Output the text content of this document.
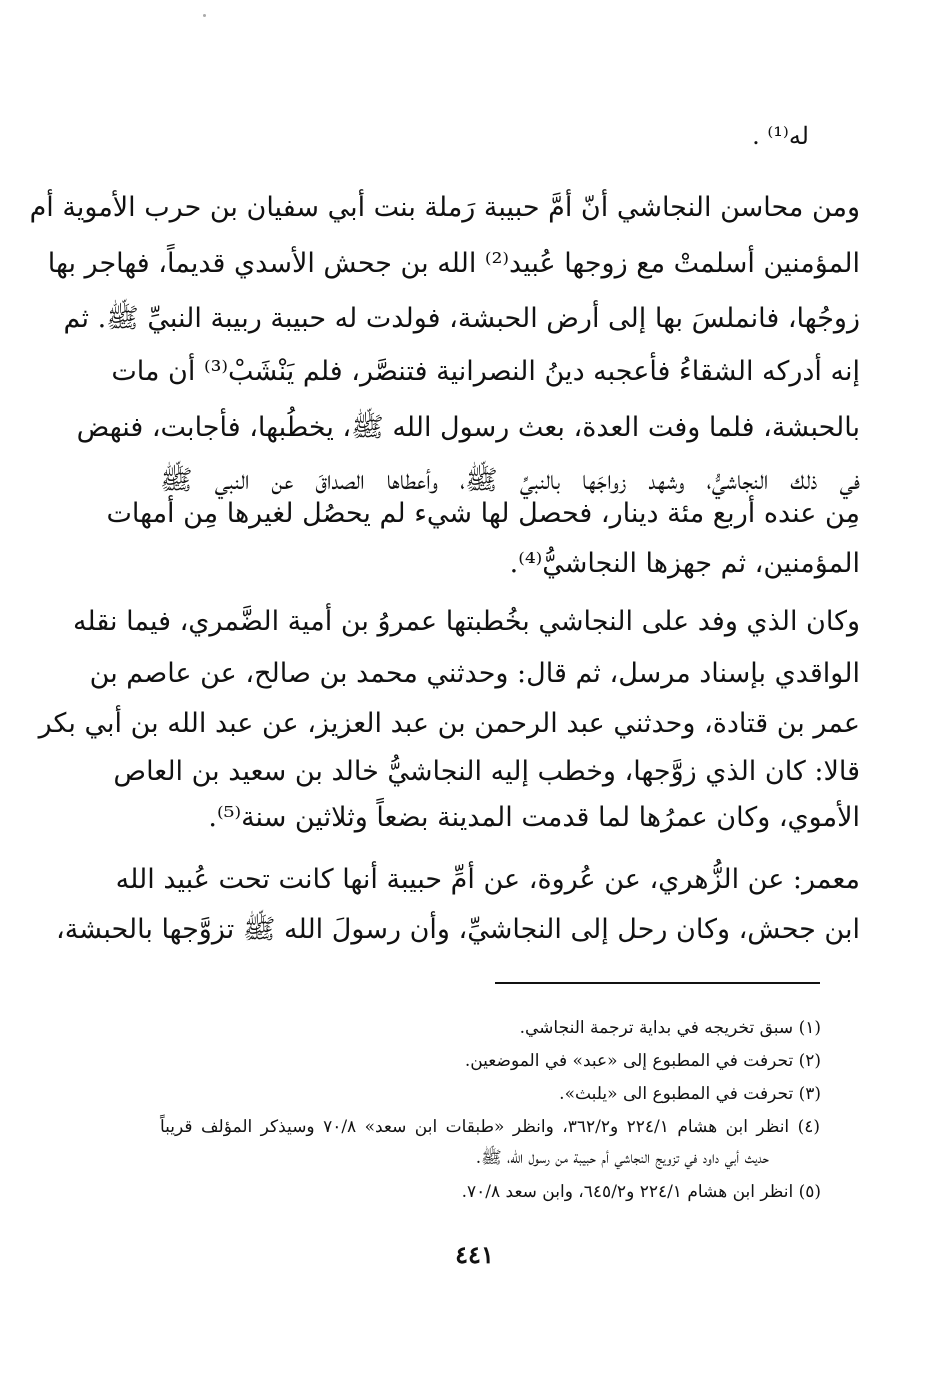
له⁽¹⁾ .
ومن محاسن النجاشي أنّ أمَّ حبيبة رَملة بنت أبي سفيان بن حرب الأموية أم
المؤمنين أسلمتْ مع زوجها عُبيد⁽²⁾ الله بن جحش الأسدي قديماً، فهاجر بها
زوجُها، فانملسَ بها إلى أرض الحبشة، فولدت له حبيبة ربيبة النبيِّ ﷺ. ثم
إنه أدركه الشقاءُ فأعجبه دينُ النصرانية فتنصَّر، فلم يَنْشَبْ⁽³⁾ أن مات
بالحبشة، فلما وفت العدة، بعث رسول الله ﷺ، يخطُبها، فأجابت، فنهض
في ذلك النجاشيُّ، وشهد زواجَها بالنبيِّ ﷺ، وأعطاها الصداقَ عن النبي ﷺ
مِن عنده أربع مئة دينار، فحصل لها شيء لم يحصُل لغيرها مِن أمهات
المؤمنين، ثم جهزها النجاشيُّ⁽⁴⁾.
وكان الذي وفد على النجاشي بخُطبتها عمروُ بن أمية الضَّمري، فيما نقله
الواقدي بإسناد مرسل، ثم قال: وحدثني محمد بن صالح، عن عاصم بن
عمر بن قتادة، وحدثني عبد الرحمن بن عبد العزيز، عن عبد الله بن أبي بكر
قالا: كان الذي زوَّجها، وخطب إليه النجاشيُّ خالد بن سعيد بن العاص
الأموي، وكان عمرُها لما قدمت المدينة بضعاً وثلاثين سنة⁽⁵⁾.
معمر: عن الزُّهري، عن عُروة، عن أمِّ حبيبة أنها كانت تحت عُبيد الله
ابن جحش، وكان رحل إلى النجاشيِّ، وأن رسولَ الله ﷺ تزوَّجها بالحبشة،
(١) سبق تخريجه في بداية ترجمة النجاشي.
(٢) تحرفت في المطبوع إلى «عبد» في الموضعين.
(٣) تحرفت في المطبوع الى «يلبث».
(٤) انظر ابن هشام ٢٢٤/١ و٣٦٢/٢، وانظر «طبقات ابن سعد» ٧٠/٨ وسيذكر المؤلف قريباً
حديث أبي داود في تزويج النجاشي أم حبيبة من رسول الله، ﷺ.
(٥) انظر ابن هشام ٢٢٤/١ و٦٤٥/٢، وابن سعد ٧٠/٨.
٤٤١
